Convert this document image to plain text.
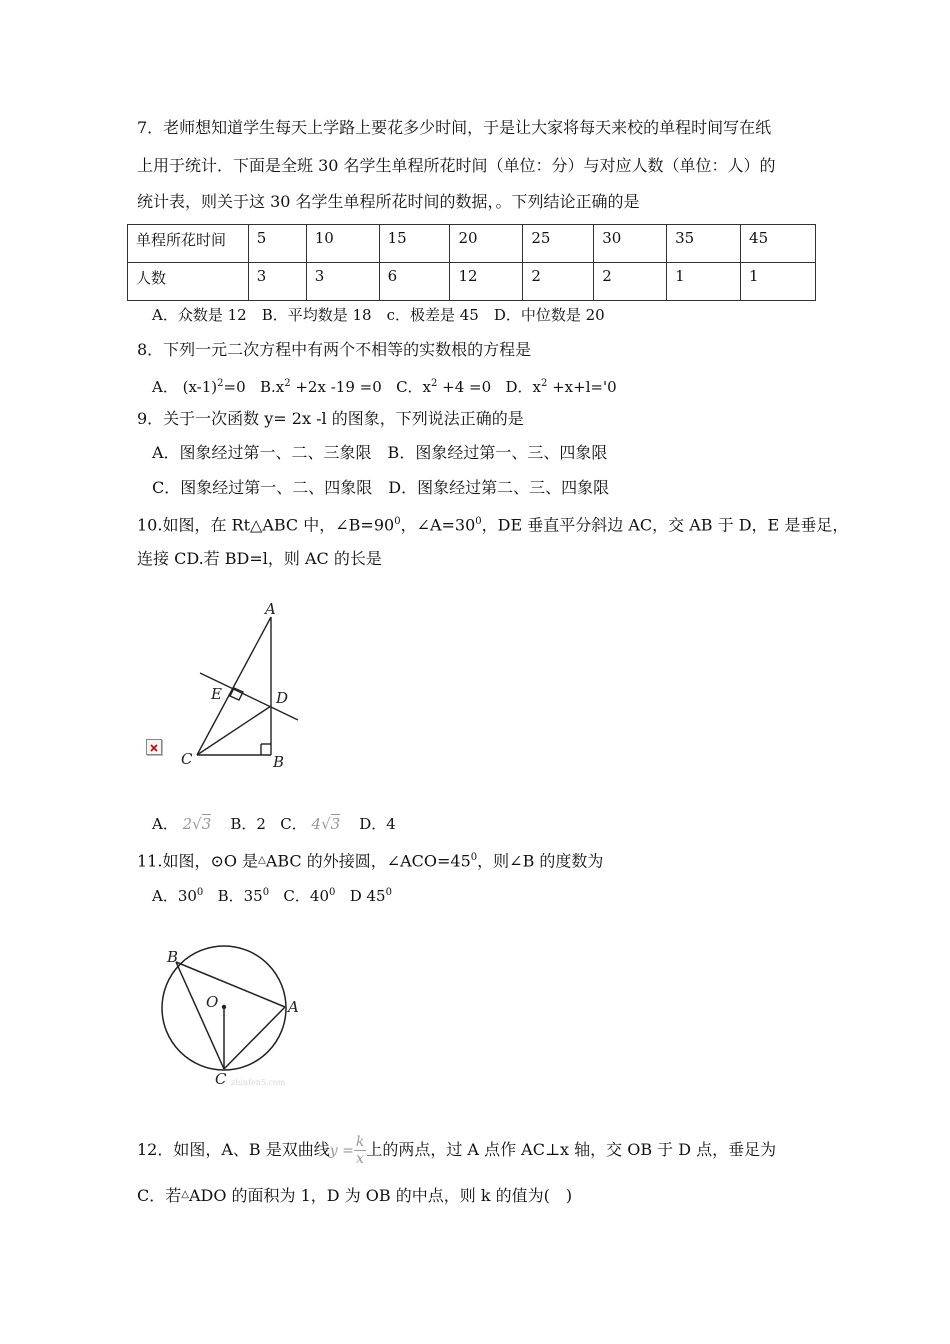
7．老师想知道学生每天上学路上要花多少时间，于是让大家将每天来校的单程时间写在纸
上用于统计．下面是全班 30 名学生单程所花时间（单位：分）与对应人数（单位：人）的
统计表，则关于这 30 名学生单程所花时间的数据，。下列结论正确的是
单程所花时间	5	10	15	20	25	30	35	45
人数	3	3	6	12	2	2	1	1
A．众数是 12　B．平均数是 18　c．极差是 45　D．中位数是 20
8．下列一元二次方程中有两个不相等的实数根的方程是
A． $(x-1)^2=0$ $B.x^2 +2x$ -19 =0 C．$x^2 +4 =0$ D．$x^2 +x+l='0$
9．关于一次函数 y= 2x -l 的图象，下列说法正确的是
A．图象经过第一、二、三象限　B．图象经过第一、三、四象限
C．图象经过第一、二、四象限　D．图象经过第二、三、四象限
10.如图，在 Rt△ABC 中，$\angle B=90^0$，$\angle A=30^0$，DE 垂直平分斜边 AC，交 AB 于 D，E 是垂足，
连接 CD.若 BD=l，则 AC 的长是
A
B
C
D
E
A． 2√3 B．2 C． 4√3 D．4
11.如图，⊙O 是△ABC 的外接圆，$\angle ACO=45^0$，则∠B 的度数为
A．$30^0$ B．$35^0$ C．$40^0$ D $45^0$
B
A
C
O
zhinfen5.com
12．如图，A、B 是双曲线$y = \frac{k}{x}$ 上的两点，过 A 点作 AC⊥x 轴，交 OB 于 D 点，垂足为
C．若△ADO 的面积为 1，D 为 OB 的中点，则 k 的值为(　)
